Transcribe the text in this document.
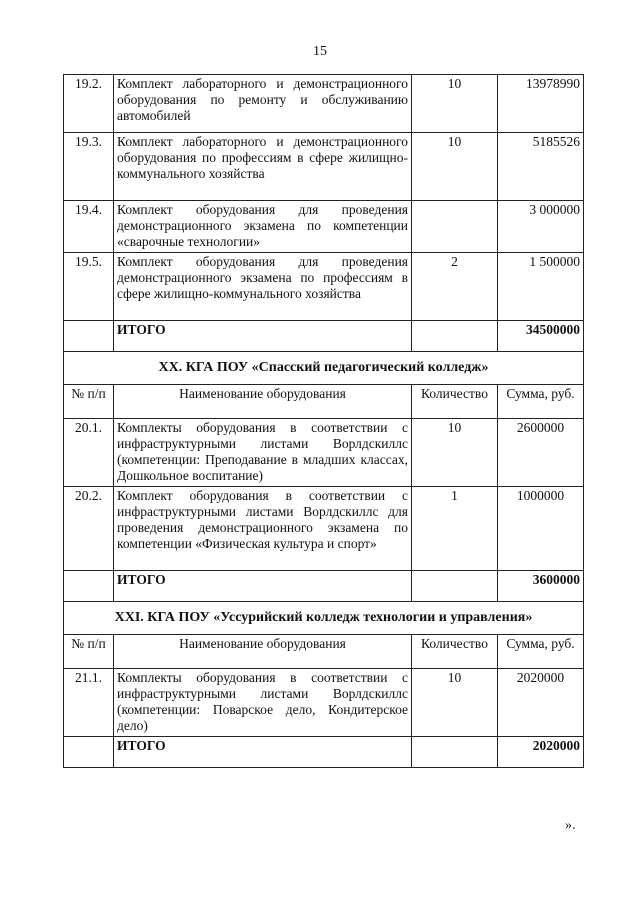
15
19.2.	Комплект лабораторного и демонстрационного оборудования по ремонту и обслуживанию автомобилей	10	13978990
19.3.	Комплект лабораторного и демонстрационного оборудования по профессиям в сфере жилищно-коммунального хозяйства	10	5185526
19.4.	Комплект оборудования для проведения демонстрационного экзамена по компетенции «сварочные технологии»		3 000000
19.5.	Комплект оборудования для проведения демонстрационного экзамена по профессиям в сфере жилищно-коммунального хозяйства	2	1 500000
	ИТОГО		34500000
XX. КГА ПОУ «Спасский педагогический колледж»			
№ п/п	Наименование оборудования	Количество	Сумма, руб.
20.1.	Комплекты оборудования в соответствии с инфраструктурными листами Ворлдскиллс (компетенции: Преподавание в младших классах, Дошкольное воспитание)	10	2600000
20.2.	Комплект оборудования в соответствии с инфраструктурными листами Ворлдскиллс для проведения демонстрационного экзамена по компетенции «Физическая культура и спорт»	1	1000000
	ИТОГО		3600000
XXI. КГА ПОУ «Уссурийский колледж технологии и управления»			
№ п/п	Наименование оборудования	Количество	Сумма, руб.
21.1.	Комплекты оборудования в соответствии с инфраструктурными листами Ворлдскиллс (компетенции: Поварское дело, Кондитерское дело)	10	2020000
	ИТОГО		2020000
».
